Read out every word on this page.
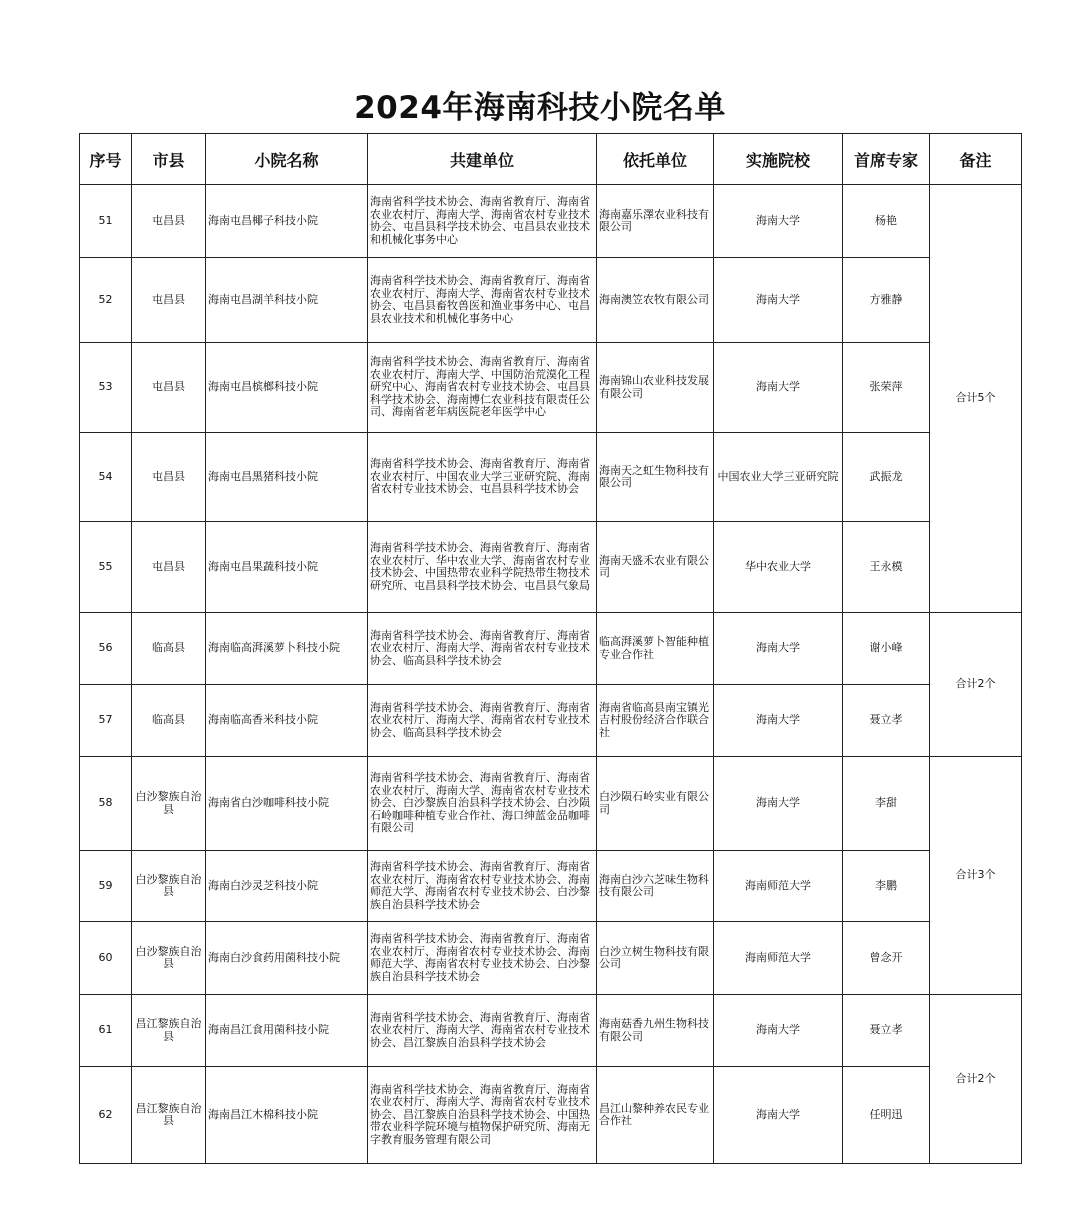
2024年海南科技小院名单
序号	市县	小院名称	共建单位	依托单位	实施院校	首席专家	备注
51	屯昌县	海南屯昌椰子科技小院	海南省科学技术协会、海南省教育厅、海南省农业农村厅、海南大学、海南省农村专业技术协会、屯昌县科学技术协会、屯昌县农业技术和机械化事务中心	海南嘉乐澤农业科技有限公司	海南大学	杨艳	合计5个
52	屯昌县	海南屯昌湖羊科技小院	海南省科学技术协会、海南省教育厅、海南省农业农村厅、海南大学、海南省农村专业技术协会、屯昌县畜牧兽医和渔业事务中心、屯昌县农业技术和机械化事务中心	海南澳笠农牧有限公司	海南大学	方雅静	
53	屯昌县	海南屯昌槟榔科技小院	海南省科学技术协会、海南省教育厅、海南省农业农村厅、海南大学、中国防治荒漠化工程研究中心、海南省农村专业技术协会、屯昌县科学技术协会、海南博仁农业科技有限责任公司、海南省老年病医院老年医学中心	海南锦山农业科技发展有限公司	海南大学	张荣萍	
54	屯昌县	海南屯昌黑猪科技小院	海南省科学技术协会、海南省教育厅、海南省农业农村厅、中国农业大学三亚研究院、海南省农村专业技术协会、屯昌县科学技术协会	海南天之虹生物科技有限公司	中国农业大学三亚研究院	武振龙	
55	屯昌县	海南屯昌果蔬科技小院	海南省科学技术协会、海南省教育厅、海南省农业农村厅、华中农业大学、海南省农村专业技术协会、中国热带农业科学院热带生物技术研究所、屯昌县科学技术协会、屯昌县气象局	海南天盛禾农业有限公司	华中农业大学	王永模	
56	临高县	海南临高湃溪萝卜科技小院	海南省科学技术协会、海南省教育厅、海南省农业农村厅、海南大学、海南省农村专业技术协会、临高县科学技术协会	临高湃溪萝卜智能种植专业合作社	海南大学	谢小峰	合计2个
57	临高县	海南临高香米科技小院	海南省科学技术协会、海南省教育厅、海南省农业农村厅、海南大学、海南省农村专业技术协会、临高县科学技术协会	海南省临高县南宝镇光吉村股份经济合作联合社	海南大学	聂立孝	
58	白沙黎族自治县	海南省白沙咖啡科技小院	海南省科学技术协会、海南省教育厅、海南省农业农村厅、海南大学、海南省农村专业技术协会、白沙黎族自治县科学技术协会、白沙陨石岭咖啡种植专业合作社、海口绅蓝金品咖啡有限公司	白沙陨石岭实业有限公司	海南大学	李甜	合计3个
59	白沙黎族自治县	海南白沙灵芝科技小院	海南省科学技术协会、海南省教育厅、海南省农业农村厅、海南省农村专业技术协会、海南师范大学、海南省农村专业技术协会、白沙黎族自治县科学技术协会	海南白沙六芝味生物科技有限公司	海南师范大学	李鹏	
60	白沙黎族自治县	海南白沙食药用菌科技小院	海南省科学技术协会、海南省教育厅、海南省农业农村厅、海南省农村专业技术协会、海南师范大学、海南省农村专业技术协会、白沙黎族自治县科学技术协会	白沙立树生物科技有限公司	海南师范大学	曾念开	
61	昌江黎族自治县	海南昌江食用菌科技小院	海南省科学技术协会、海南省教育厅、海南省农业农村厅、海南大学、海南省农村专业技术协会、昌江黎族自治县科学技术协会	海南菇香九州生物科技有限公司	海南大学	聂立孝	合计2个
62	昌江黎族自治县	海南昌江木棉科技小院	海南省科学技术协会、海南省教育厅、海南省农业农村厅、海南大学、海南省农村专业技术协会、昌江黎族自治县科学技术协会、中国热带农业科学院环境与植物保护研究所、海南无字教育服务管理有限公司	昌江山黎种养农民专业合作社	海南大学	任明迅	
